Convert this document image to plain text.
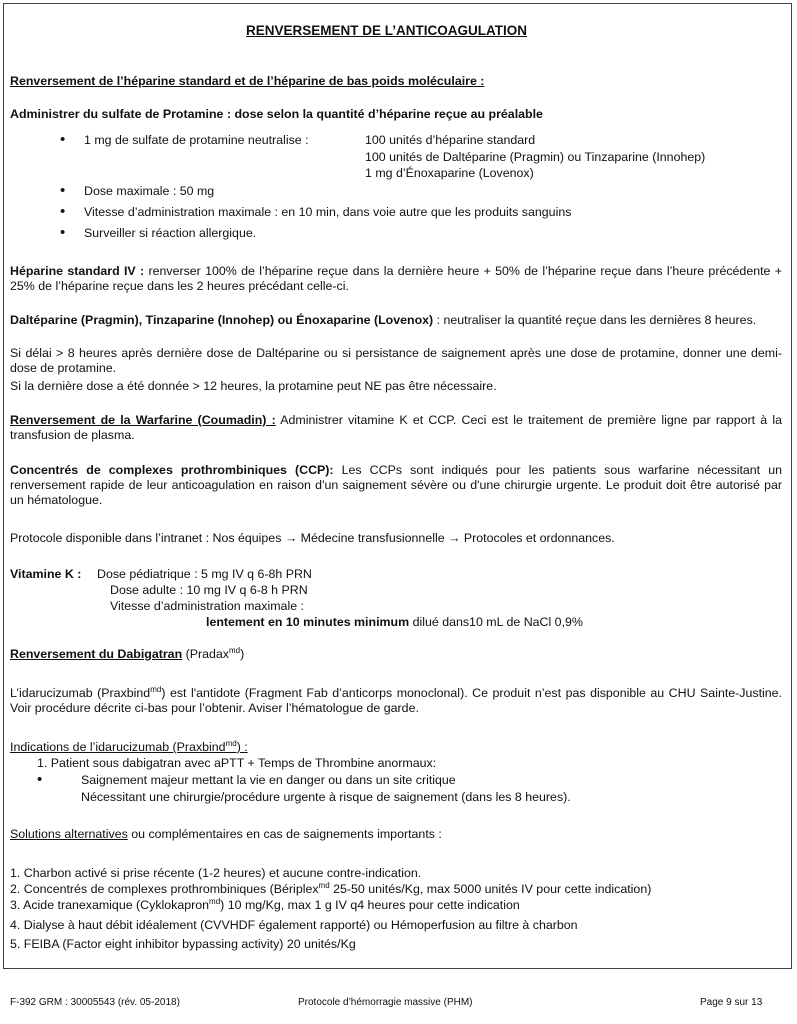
RENVERSEMENT DE L’ANTICOAGULATION
Renversement de l’héparine standard et de l’héparine de bas poids moléculaire :
Administrer du sulfate de Protamine : dose selon la quantité d’héparine reçue au préalable
• 1 mg de sulfate de protamine neutralise :	100 unités d’héparine standard
100 unités de Daltéparine (Pragmin) ou Tinzaparine (Innohep)
1 mg d’Énoxaparine (Lovenox)
• Dose maximale : 50 mg
• Vitesse d’administration maximale : en 10 min, dans voie autre que les produits sanguins
• Surveiller si réaction allergique.
Héparine standard IV : renverser 100% de l’héparine reçue dans la dernière heure + 50% de l’héparine reçue dans l’heure précédente + 25% de l’héparine reçue dans les 2 heures précédant celle-ci.
Daltéparine (Pragmin), Tinzaparine (Innohep) ou Énoxaparine (Lovenox) : neutraliser la quantité reçue dans les dernières 8 heures.
Si délai > 8 heures après dernière dose de Daltéparine ou si persistance de saignement après une dose de protamine, donner une demi-dose de protamine.
Si la dernière dose a été donnée > 12 heures, la protamine peut NE pas être nécessaire.
Renversement de la Warfarine (Coumadin) : Administrer vitamine K et CCP. Ceci est le traitement de première ligne par rapport à la transfusion de plasma.
Concentrés de complexes prothrombiniques (CCP): Les CCPs sont indiqués pour les patients sous warfarine nécessitant un renversement rapide de leur anticoagulation en raison d'un saignement sévère ou d'une chirurgie urgente. Le produit doit être autorisé par un hématologue.
Protocole disponible dans l’intranet : Nos équipes → Médecine transfusionnelle → Protocoles et ordonnances.
Vitamine K : Dose pédiatrique : 5 mg IV q 6-8h PRN
Dose adulte : 10 mg IV q 6-8 h PRN
Vitesse d’administration maximale :
lentement en 10 minutes minimum dilué dans10 mL de NaCl 0,9%
Renversement du Dabigatran (Pradax$^{md}$)
L’idarucizumab (Praxbind$^{md}$) est l'antidote (Fragment Fab d’anticorps monoclonal). Ce produit n’est pas disponible au CHU Sainte-Justine. Voir procédure décrite ci-bas pour l’obtenir. Aviser l’hématologue de garde.
Indications de l’idarucizumab (Praxbind$^{md}$) :
1. Patient sous dabigatran avec aPTT + Temps de Thrombine anormaux:
•	Saignement majeur mettant la vie en danger ou dans un site critique
Nécessitant une chirurgie/procédure urgente à risque de saignement (dans les 8 heures).
Solutions alternatives ou complémentaires en cas de saignements importants :
1. Charbon activé si prise récente (1-2 heures) et aucune contre-indication.
2. Concentrés de complexes prothrombiniques (Bériplex$^{md}$ 25-50 unités/Kg, max 5000 unités IV pour cette indication)
3. Acide tranexamique (Cyklokapron$^{md}$) 10 mg/Kg, max 1 g IV q4 heures pour cette indication
4. Dialyse à haut débit idéalement (CVVHDF également rapporté) ou Hémoperfusion au filtre à charbon
5. FEIBA (Factor eight inhibitor bypassing activity) 20 unités/Kg
F-392 GRM : 30005543 (rév. 05-2018)	Protocole d’hémorragie massive (PHM)	Page 9 sur 13
